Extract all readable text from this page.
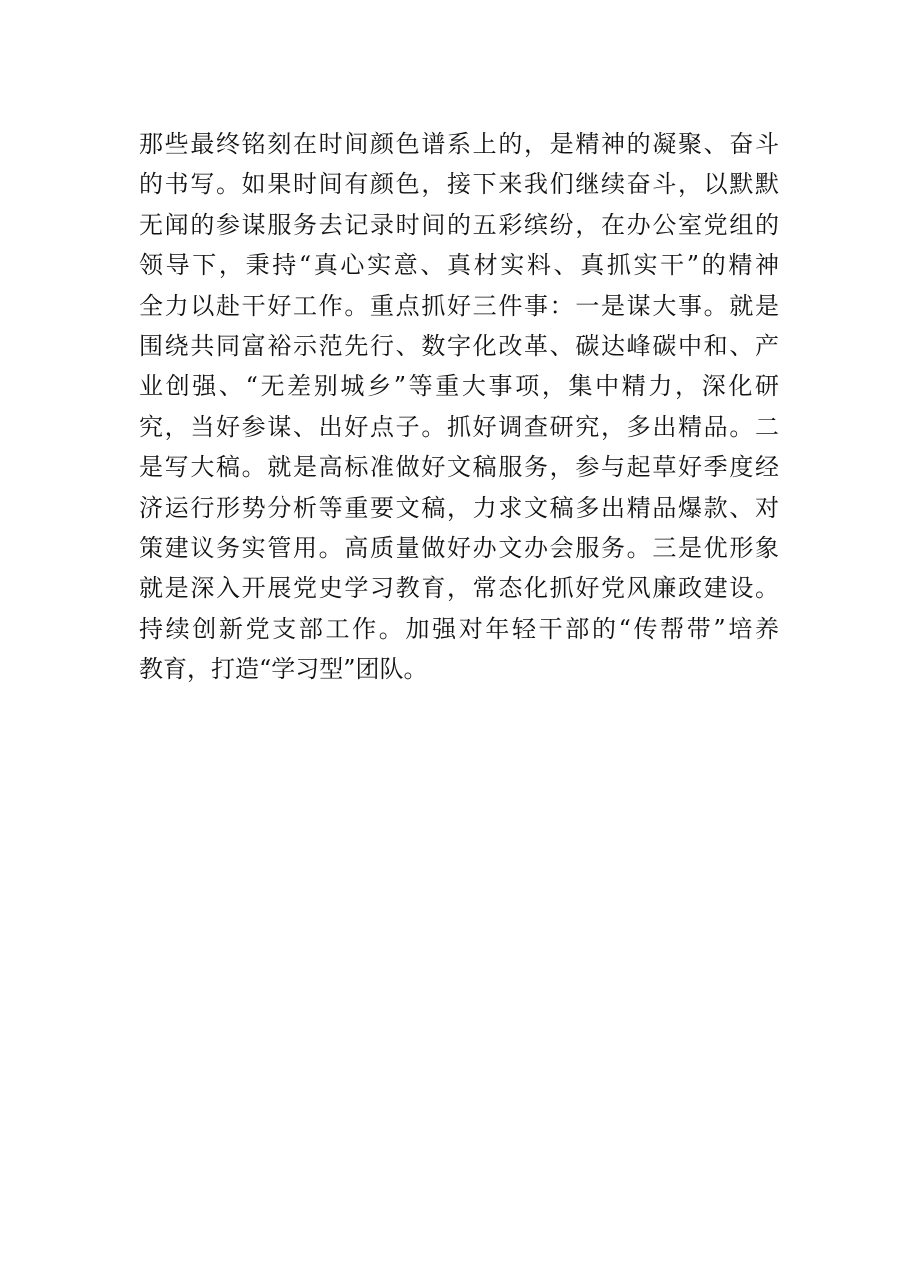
那些最终铭刻在时间颜色谱系上的，是精神的凝聚、奋斗
的书写。如果时间有颜色，接下来我们继续奋斗，以默默
无闻的参谋服务去记录时间的五彩缤纷，在办公室党组的
领导下，秉持“真心实意、真材实料、真抓实干”的精神
全力以赴干好工作。重点抓好三件事：一是谋大事。就是
围绕共同富裕示范先行、数字化改革、碳达峰碳中和、产
业创强、“无差别城乡”等重大事项，集中精力，深化研
究，当好参谋、出好点子。抓好调查研究，多出精品。二
是写大稿。就是高标准做好文稿服务，参与起草好季度经
济运行形势分析等重要文稿，力求文稿多出精品爆款、对
策建议务实管用。高质量做好办文办会服务。三是优形象
就是深入开展党史学习教育，常态化抓好党风廉政建设。
持续创新党支部工作。加强对年轻干部的“传帮带”培养
教育，打造“学习型”团队。
